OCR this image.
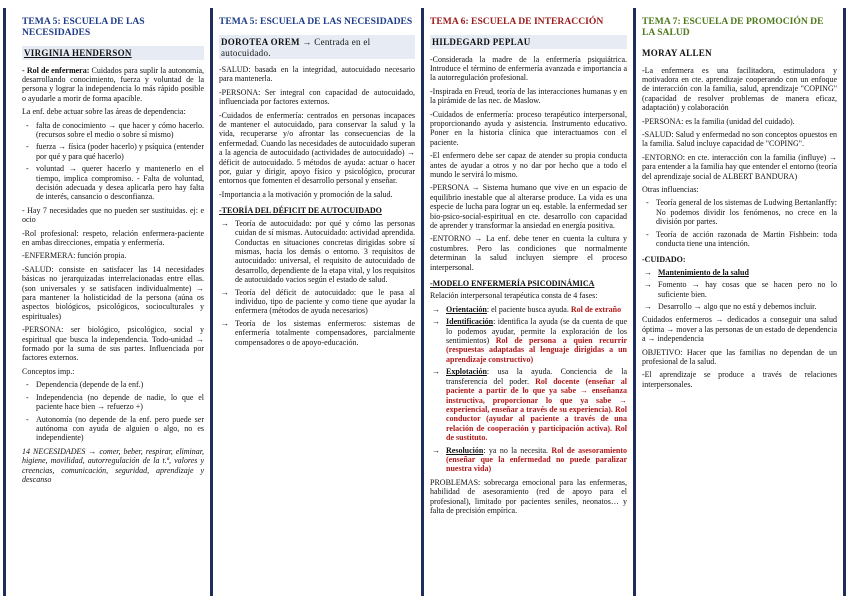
TEMA 5: ESCUELA DE LAS NECESIDADES
VIRGINIA HENDERSON

- Rol de enfermera: Cuidados para suplir la autonomía, desarrollando conocimiento, fuerza y voluntad de la persona y lograr la independencia lo más rápido posible o ayudarle a morir de forma apacible.

La enf. debe actuar sobre las áreas de dependencia:

- falta de conocimiento → que hacer y cómo hacerlo. (recursos sobre el medio o sobre sí mismo)
- fuerza → física (poder hacerlo) y psíquica (entender por qué y para qué hacerlo)
- voluntad → querer hacerlo y mantenerlo en el tiempo, implica compromiso. - Falta de voluntad, decisión adecuada y desea aplicarla pero hay falta de interés, cansancio o desconfianza.

- Hay 7 necesidades que no pueden ser sustituidas. ej: e ocio

-Rol profesional: respeto, relación enfermera-paciente en ambas direcciones, empatía y enfermería.

-ENFERMERA: función propia.

-SALUD: consiste en satisfacer las 14 necesidades básicas no jerarquizadas interrelacionadas entre ellas. (son universales y se satisfacen individualmente) → para mantener la holisticidad de la persona (aúna os aspectos biológicos, psicológicos, socioculturales y espirituales)

-PERSONA: ser biológico, psicológico, social y espiritual que busca la independencia. Todo-unidad → formado por la suma de sus partes. Influenciada por factores externos.

Conceptos imp.:

- Dependencia (depende de la enf.)
- Independencia (no depende de nadie, lo que el paciente hace bien → refuerzo +)
- Autonomía (no depende de la enf. pero puede ser autónoma con ayuda de alguien o algo, no es independiente)

14 NECESIDADES → comer, beber, respirar, eliminar, higiene, movilidad, autorregulación de la t.ª, valores y creencias, comunicación, seguridad, aprendizaje y descanso

TEMA 5: ESCUELA DE LAS NECESIDADES
DOROTEA OREM → Centrada en el autocuidado.

-SALUD: basada en la integridad, autocuidado necesario para mantenerla.

-PERSONA: Ser integral con capacidad de autocuidado, influenciada por factores externos.

-Cuidados de enfermería: centrados en personas incapaces de mantener el autocuidado, para conservar la salud y la vida, recuperarse y/o afrontar las consecuencias de la enfermedad. Cuando las necesidades de autocuidado superan a la agencia de autocuidado (actividades de autocuidado) → déficit de autocuidado. 5 métodos de ayuda: actuar o hacer por, guiar y dirigir, apoyo físico y psicológico, procurar entornos que fomenten el desarrollo personal y enseñar.

-Importancia a la motivación y promoción de la salud.

-TEORÍA DEL DÉFICIT DE AUTOCUIDADO
→ Teoría de autocuidado: por qué y cómo las personas cuidan de sí mismas. Autocuidado: actividad aprendida. Conductas en situaciones concretas dirigidas sobre sí mismas, hacia los demás o entorno. 3 requisitos de autocuidado: universal, el requisito de autocuidado de desarrollo, dependiente de la etapa vital, y los requisitos de autocuidado vacios según el estado de salud.
→ Teoría del déficit de autocuidado: que le pasa al individuo, tipo de paciente y como tiene que ayudar la enfermera (métodos de ayuda necesarios)
→ Teoría de los sistemas enfermeros: sistemas de enfermería totalmente compensadores, parcialmente compensadores o de apoyo-educación.
TEMA 6: ESCUELA DE INTERACCIÓN
HILDEGARD PEPLAU

-Considerada la madre de la enfermería psiquiátrica. Introduce el término de enfermería avanzada e importancia a la autorregulación profesional.

-Inspirada en Freud, teoría de las interacciones humanas y en la pirámide de las nec. de Maslow.

-Cuidados de enfermería: proceso terapéutico interpersonal, proporcionando ayuda y asistencia. Instrumento educativo. Poner en la historia clínica que interactuamos con el paciente.

-El enfermero debe ser capaz de atender su propia conducta antes de ayudar a otros y no dar por hecho que a todo el mundo le servirá lo mismo.

-PERSONA → Sistema humano que vive en un espacio de equilibrio inestable que al alterarse produce. La vida es una especie de lucha para lograr un eq. estable. la enfermedad ser bio-psico-social-espiritual en cte. desarrollo con capacidad de aprender y transformar la ansiedad en energía positiva.

-ENTORNO → La enf. debe tener en cuenta la cultura y costumbres. Pero las condiciones que normalmente determinan la salud incluyen siempre el proceso interpersonal.

-MODELO ENFERMERÍA PSICODINÁMICA

Relación interpersonal terapéutica consta de 4 fases:

→ Orientación: el paciente busca ayuda. Rol de extraño
→ Identificación: identifica la ayuda (se da cuenta de que lo podemos ayudar, permite la exploración de los sentimientos) Rol de persona a quien recurrir (respuestas adaptadas al lenguaje dirigidas a un aprendizaje constructivo)
→ Explotación: usa la ayuda. Conciencia de la transferencia del poder. Rol docente (enseñar al paciente a partir de lo que ya sabe → enseñanza instructiva, proporcionar lo que ya sabe → experiencial, enseñar a través de su experiencia). Rol conductor (ayudar al paciente a través de una relación de cooperación y participación activa). Rol de sustituto.
→ Resolución: ya no la necesita. Rol de asesoramiento (enseñar que la enfermedad no puede paralizar nuestra vida)

PROBLEMAS: sobrecarga emocional para las enfermeras, habilidad de asesoramiento (red de apoyo para el profesional), limitado por pacientes seniles, neonatos… y falta de precisión empírica.

TEMA 7: ESCUELA DE PROMOCIÓN DE LA SALUD
MORAY ALLEN

-La enfermera es una facilitadora, estimuladora y motivadora en cte. aprendizaje cooperando con un enfoque de interacción con la familia, salud, aprendizaje "COPING" (capacidad de resolver problemas de manera eficaz, adaptación) y colaboración

-PERSONA: es la familia (unidad del cuidado).

-SALUD: Salud y enfermedad no son conceptos opuestos en la familia. Salud incluye capacidad de "COPING".

-ENTORNO: en cte. interacción con la familia (influye) → para entender a la familia hay que entender el entorno (teoría del aprendizaje social de ALBERT BANDURA)

Otras influencias:

- Teoría general de los sistemas de Ludwing Bertanlanffy: No podemos dividir los fenómenos, no crece en la división por partes.
- Teoría de acción razonada de Martin Fishbein: toda conducta tiene una intención.
-CUIDADO:
→ Mantenimiento de la salud
→ Fomento → hay cosas que se hacen pero no lo suficiente bien.
→ Desarrollo → algo que no está y debemos incluir.

Cuidados enfermeros → dedicados a conseguir una salud óptima → mover a las personas de un estado de dependencia a → independencia

OBJETIVO: Hacer que las familias no dependan de un profesional de la salud.

-El aprendizaje se produce a través de relaciones interpersonales.
